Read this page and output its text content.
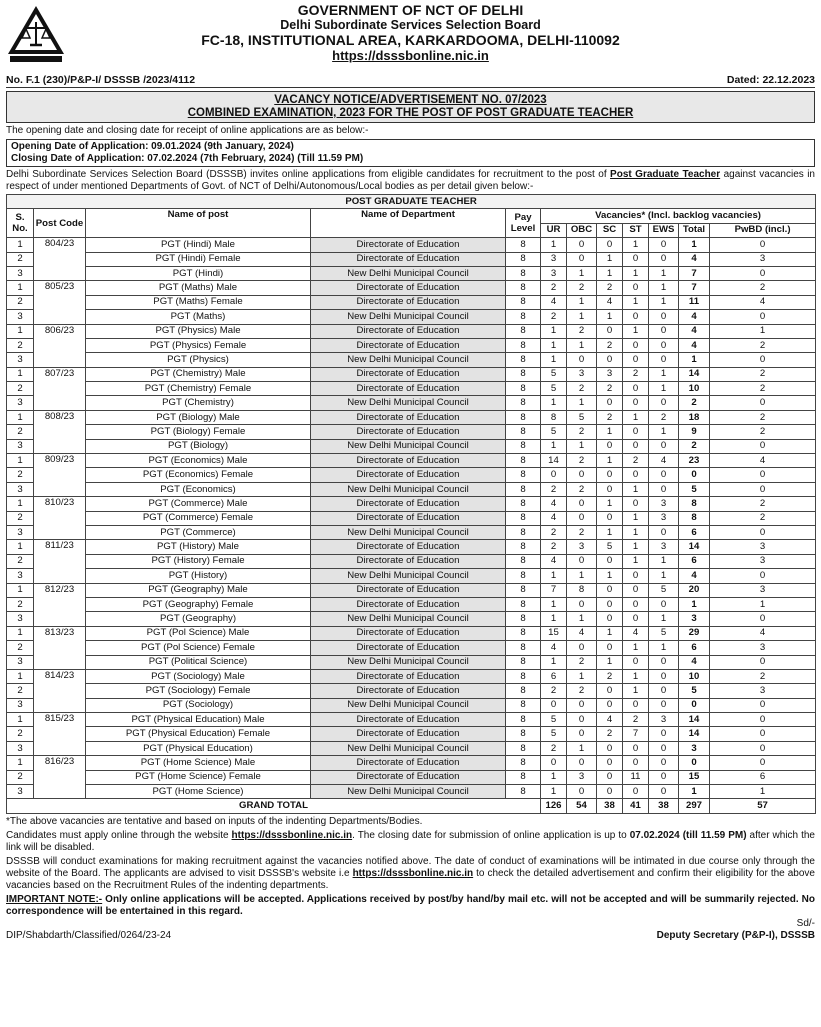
GOVERNMENT OF NCT OF DELHI
Delhi Subordinate Services Selection Board
FC-18, INSTITUTIONAL AREA, KARKARDOOMA, DELHI-110092
https://dsssbonline.nic.in
No. F.1 (230)/P&P-I/ DSSSB /2023/4112	Dated: 22.12.2023
VACANCY NOTICE/ADVERTISEMENT NO. 07/2023
COMBINED EXAMINATION, 2023 FOR THE POST OF POST GRADUATE TEACHER
The opening date and closing date for receipt of online applications are as below:-
Opening Date of Application: 09.01.2024 (9th January, 2024)
Closing Date of Application: 07.02.2024 (7th February, 2024) (Till 11.59 PM)
Delhi Subordinate Services Selection Board (DSSSB) invites online applications from eligible candidates for recruitment to the post of Post Graduate Teacher against vacancies in respect of under mentioned Departments of Govt. of NCT of Delhi/Autonomous/Local bodies as per detail given below:-
POST GRADUATE TEACHER											
S. No.	Post Code	Name of post	Name of Department	Pay Level	Vacancies* (Incl. backlog vacancies)						
					UR	OBC	SC	ST	EWS	Total	PwBD (incl.)
1	804/23	PGT (Hindi) Male	Directorate of Education	8	1	0	0	1	0	1	0
2		PGT (Hindi) Female	Directorate of Education	8	3	0	1	0	0	4	3
3		PGT (Hindi)	New Delhi Municipal Council	8	3	1	1	1	1	7	0
1	805/23	PGT (Maths) Male	Directorate of Education	8	2	2	2	0	1	7	2
2		PGT (Maths) Female	Directorate of Education	8	4	1	4	1	1	11	4
3		PGT (Maths)	New Delhi Municipal Council	8	2	1	1	0	0	4	0
1	806/23	PGT (Physics) Male	Directorate of Education	8	1	2	0	1	0	4	1
2		PGT (Physics) Female	Directorate of Education	8	1	1	2	0	0	4	2
3		PGT (Physics)	New Delhi Municipal Council	8	1	0	0	0	0	1	0
1	807/23	PGT (Chemistry) Male	Directorate of Education	8	5	3	3	2	1	14	2
2		PGT (Chemistry) Female	Directorate of Education	8	5	2	2	0	1	10	2
3		PGT (Chemistry)	New Delhi Municipal Council	8	1	1	0	0	0	2	0
1	808/23	PGT (Biology) Male	Directorate of Education	8	8	5	2	1	2	18	2
2		PGT (Biology) Female	Directorate of Education	8	5	2	1	0	1	9	2
3		PGT (Biology)	New Delhi Municipal Council	8	1	1	0	0	0	2	0
1	809/23	PGT (Economics) Male	Directorate of Education	8	14	2	1	2	4	23	4
2		PGT (Economics) Female	Directorate of Education	8	0	0	0	0	0	0	0
3		PGT (Economics)	New Delhi Municipal Council	8	2	2	0	1	0	5	0
1	810/23	PGT (Commerce) Male	Directorate of Education	8	4	0	1	0	3	8	2
2		PGT (Commerce) Female	Directorate of Education	8	4	0	0	1	3	8	2
3		PGT (Commerce)	New Delhi Municipal Council	8	2	2	1	1	0	6	0
1	811/23	PGT (History) Male	Directorate of Education	8	2	3	5	1	3	14	3
2		PGT (History) Female	Directorate of Education	8	4	0	0	1	1	6	3
3		PGT (History)	New Delhi Municipal Council	8	1	1	1	0	1	4	0
1	812/23	PGT (Geography) Male	Directorate of Education	8	7	8	0	0	5	20	3
2		PGT (Geography) Female	Directorate of Education	8	1	0	0	0	0	1	1
3		PGT (Geography)	New Delhi Municipal Council	8	1	1	0	0	1	3	0
1	813/23	PGT (Pol Science) Male	Directorate of Education	8	15	4	1	4	5	29	4
2		PGT (Pol Science) Female	Directorate of Education	8	4	0	0	1	1	6	3
3		PGT (Political Science)	New Delhi Municipal Council	8	1	2	1	0	0	4	0
1	814/23	PGT (Sociology) Male	Directorate of Education	8	6	1	2	1	0	10	2
2		PGT (Sociology) Female	Directorate of Education	8	2	2	0	1	0	5	3
3		PGT (Sociology)	New Delhi Municipal Council	8	0	0	0	0	0	0	0
1	815/23	PGT (Physical Education) Male	Directorate of Education	8	5	0	4	2	3	14	0
2		PGT (Physical Education) Female	Directorate of Education	8	5	0	2	7	0	14	0
3		PGT (Physical Education)	New Delhi Municipal Council	8	2	1	0	0	0	3	0
1	816/23	PGT (Home Science) Male	Directorate of Education	8	0	0	0	0	0	0	0
2		PGT (Home Science) Female	Directorate of Education	8	1	3	0	11	0	15	6
3		PGT (Home Science)	New Delhi Municipal Council	8	1	0	0	0	0	1	1
GRAND TOTAL					126	54	38	41	38	297	57
*The above vacancies are tentative and based on inputs of the indenting Departments/Bodies.
Candidates must apply online through the website https://dsssbonline.nic.in. The closing date for submission of online application is up to 07.02.2024 (till 11.59 PM) after which the link will be disabled.
DSSSB will conduct examinations for making recruitment against the vacancies notified above. The date of conduct of examinations will be intimated in due course only through the website of the Board. The applicants are advised to visit DSSSB's website i.e https://dsssbonline.nic.in to check the detailed advertisement and confirm their eligibility for the above vacancies based on the Recruitment Rules of the indenting departments.
IMPORTANT NOTE:- Only online applications will be accepted. Applications received by post/by hand/by mail etc. will not be accepted and will be summarily rejected. No correspondence will be entertained in this regard.
Sd/-
DIP/Shabdarth/Classified/0264/23-24	Deputy Secretary (P&P-I), DSSSB
